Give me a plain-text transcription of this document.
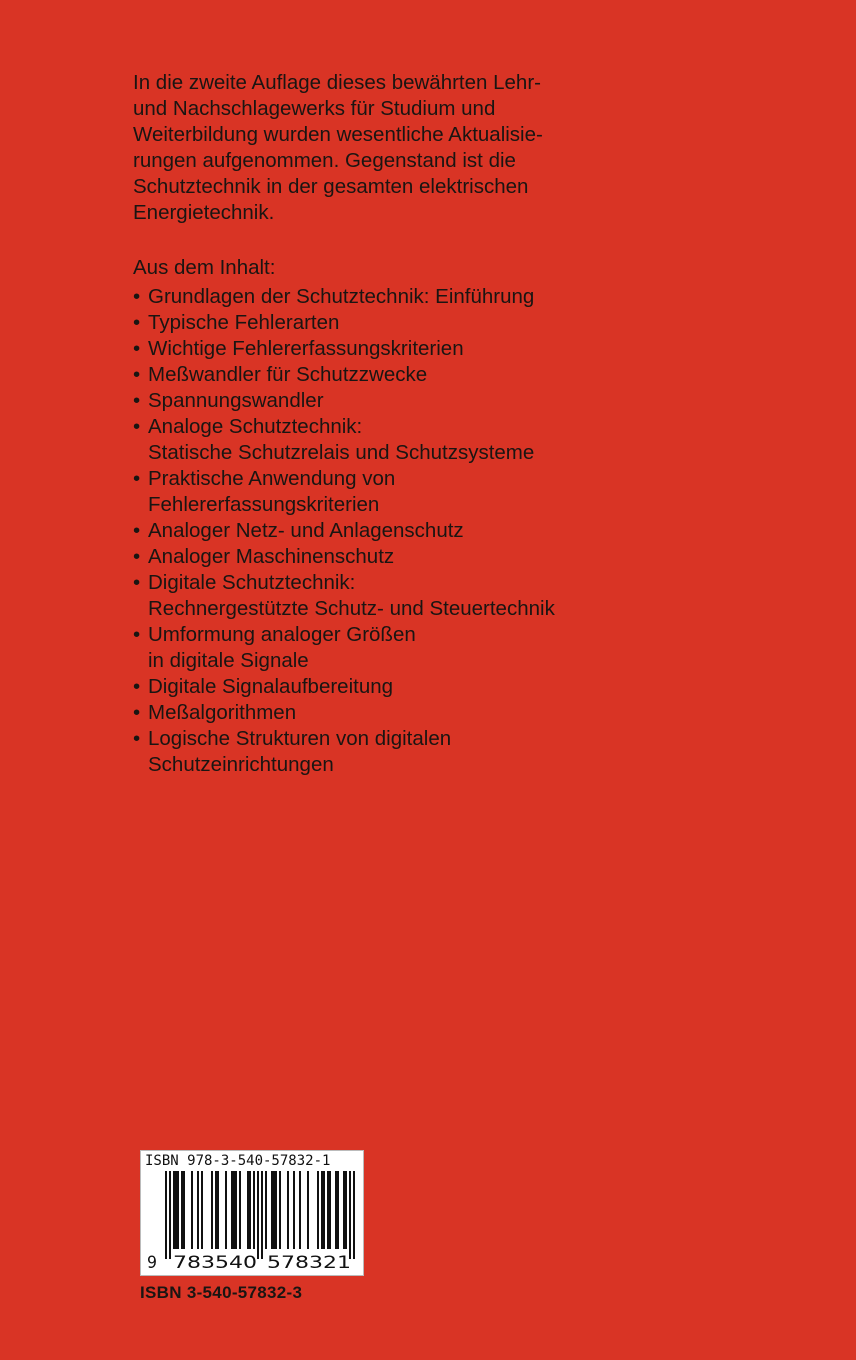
In die zweite Auflage dieses bewährten Lehr-
und Nachschlagewerks für Studium und
Weiterbildung wurden wesentliche Aktualisie-
rungen aufgenommen. Gegenstand ist die
Schutztechnik in der gesamten elektrischen
Energietechnik.
Aus dem Inhalt:
• Grundlagen der Schutztechnik: Einführung
• Typische Fehlerarten
• Wichtige Fehlererfassungskriterien
• Meßwandler für Schutzzwecke
• Spannungswandler
• Analoge Schutztechnik:
Statische Schutzrelais und Schutzsysteme
• Praktische Anwendung von
Fehlererfassungskriterien
• Analoger Netz- und Anlagenschutz
• Analoger Maschinenschutz
• Digitale Schutztechnik:
Rechnergestützte Schutz- und Steuertechnik
• Umformung analoger Größen
in digitale Signale
• Digitale Signalaufbereitung
• Meßalgorithmen
• Logische Strukturen von digitalen
Schutzeinrichtungen
ISBN 978-3-540-57832-1
9 783540 578321
ISBN 3-540-57832-3
